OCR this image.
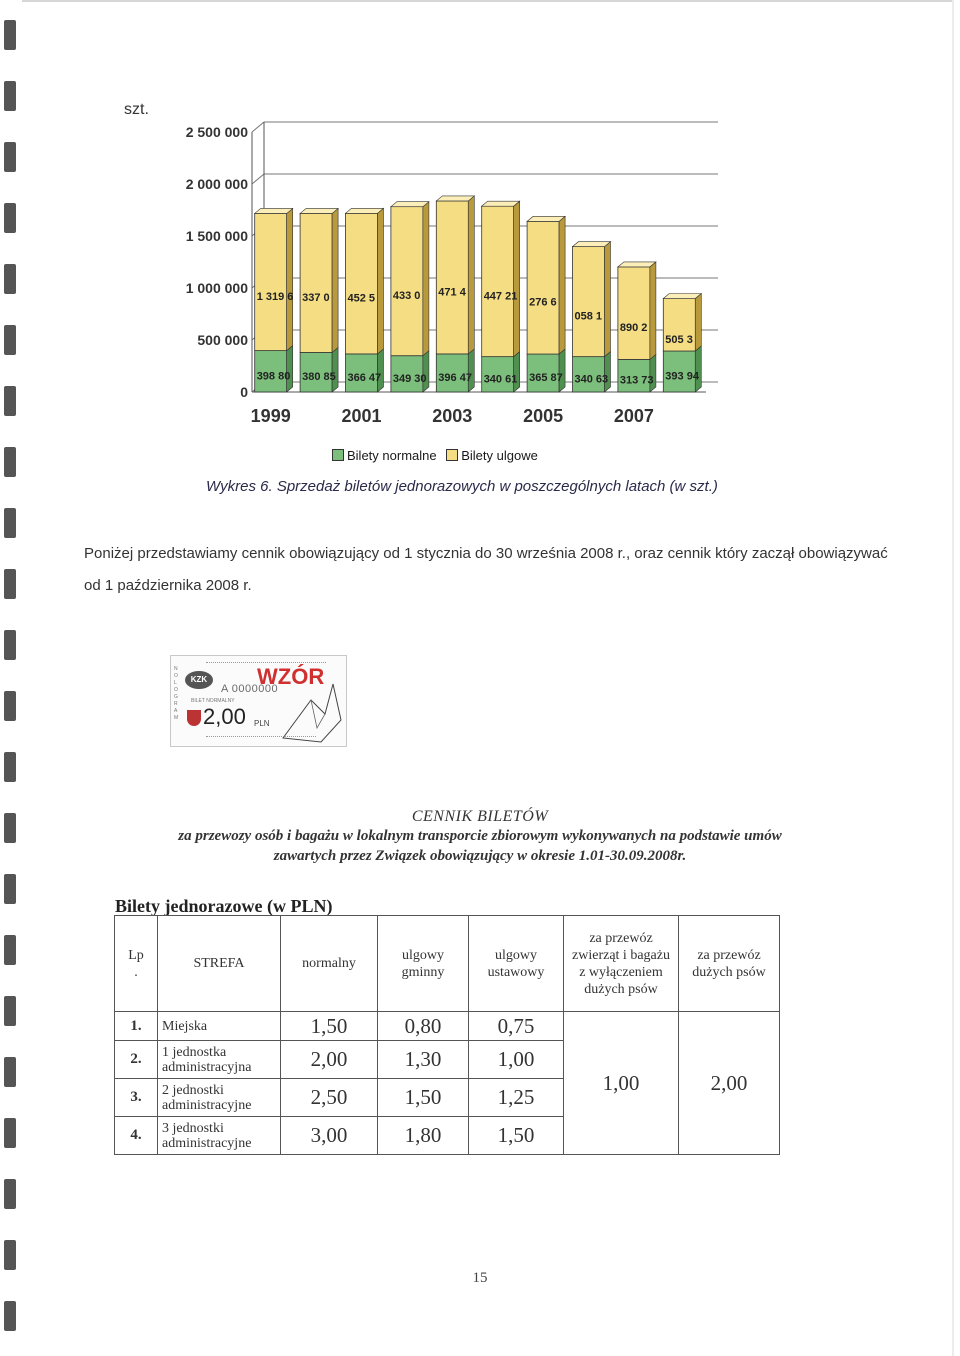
szt.
0
500 000
1 000 000
1 500 000
2 000 000
2 500 000
398 80
1 319 6
380 85
337 0
366 47
452 5
349 30
433 0
396 47
471 4
340 61
447 21
365 87
276 6
340 63
058 1
313 73
890 2
393 94
505 3
1999	2001	2003	2005	2007
Bilety normalne Bilety ulgowe
Wykres 6. Sprzedaż biletów jednorazowych w poszczególnych latach (w szt.)
Poniżej przedstawiamy cennik obowiązujący od 1 stycznia do 30 września 2008 r., oraz cennik który zaczął obowiązywać od 1 października 2008 r.
NOLOGRAM
KZK
A 0000000
BILET NORMALNY
2,00 PLN
WZÓR
CENNIK BILETÓW
za przewozy osób i bagażu w lokalnym transporcie zbiorowym wykonywanych na podstawie umów zawartych przez Związek obowiązujący w okresie 1.01-30.09.2008r.
Bilety jednorazowe (w PLN)
Lp
.	STREFA	normalny	ulgowy gminny	ulgowy ustawowy	za przewóz zwierząt i bagażu z wyłączeniem dużych psów	za przewóz dużych psów
1.	Miejska	1,50	0,80	0,75	1,00	2,00
2.	1 jednostka administracyjna	2,00	1,30	1,00		
3.	2 jednostki administracyjne	2,50	1,50	1,25		
4.	3 jednostki administracyjne	3,00	1,80	1,50		
15
